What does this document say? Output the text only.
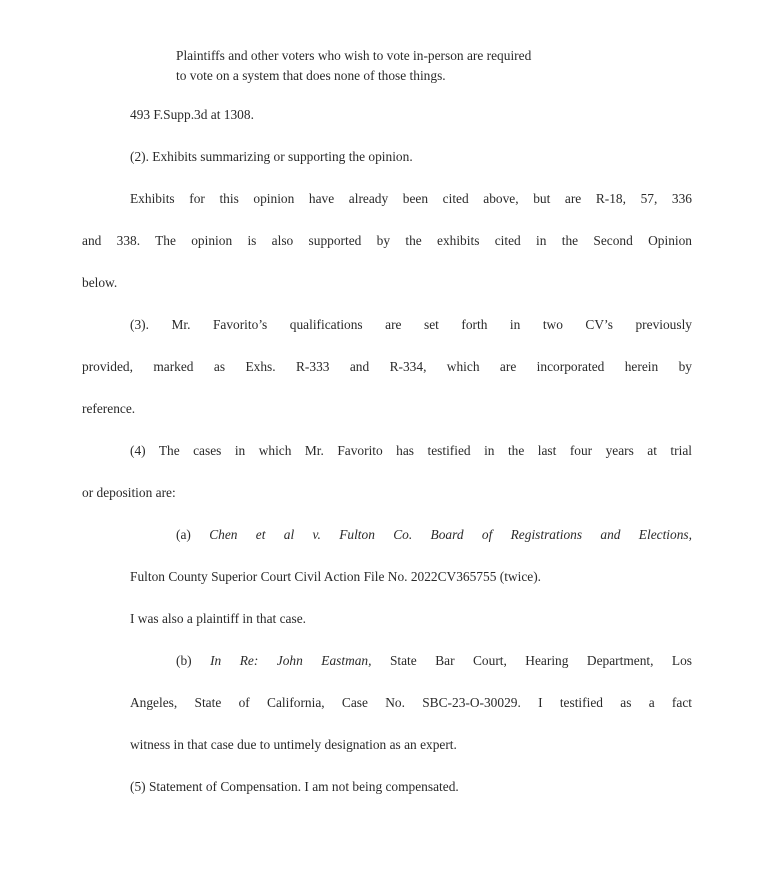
Plaintiffs and other voters who wish to vote in-person are required
to vote on a system that does none of those things.
493 F.Supp.3d at 1308.
(2). Exhibits summarizing or supporting the opinion.
Exhibits for this opinion have already been cited above, but are R-18, 57, 336
and 338. The opinion is also supported by the exhibits cited in the Second Opinion
below.
(3). Mr. Favorito’s qualifications are set forth in two CV’s previously
provided, marked as Exhs. R-333 and R-334, which are incorporated herein by
reference.
(4) The cases in which Mr. Favorito has testified in the last four years at trial
or deposition are:
(a) Chen et al v. Fulton Co. Board of Registrations and Elections,
Fulton County Superior Court Civil Action File No. 2022CV365755 (twice).
I was also a plaintiff in that case.
(b) In Re: John Eastman, State Bar Court, Hearing Department, Los
Angeles, State of California, Case No. SBC-23-O-30029. I testified as a fact
witness in that case due to untimely designation as an expert.
(5) Statement of Compensation. I am not being compensated.
